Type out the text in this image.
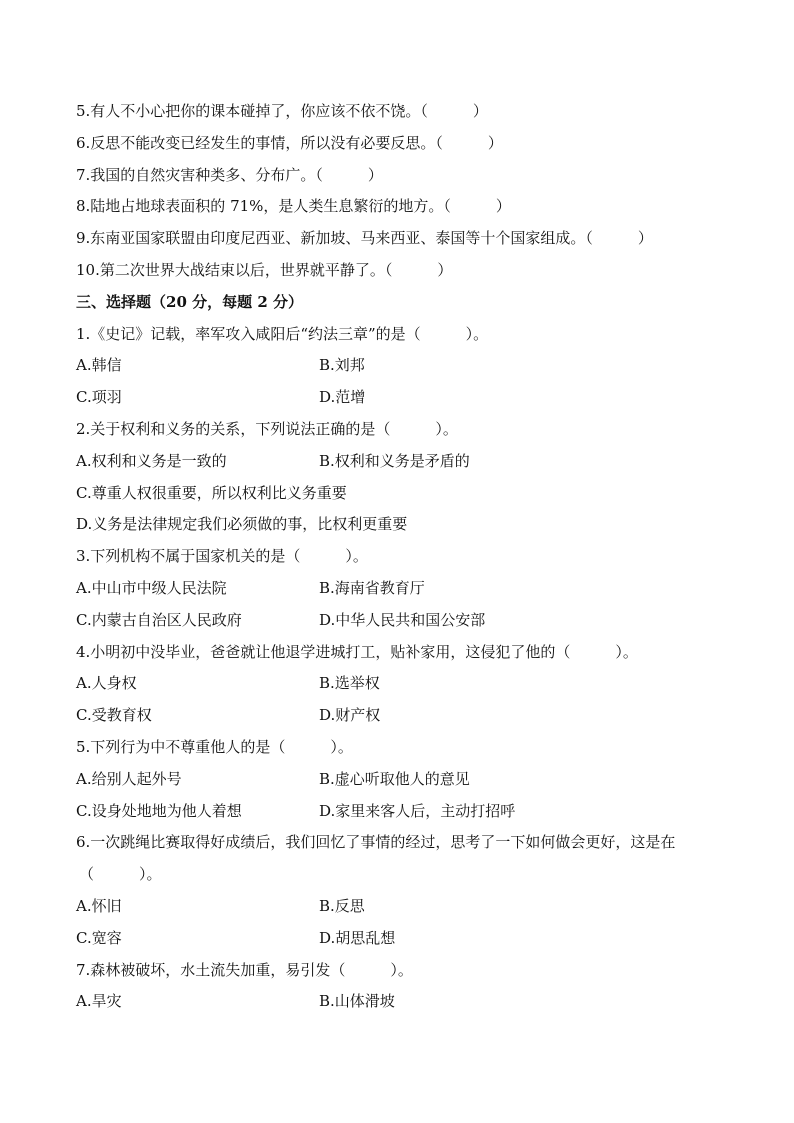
5.有人不小心把你的课本碰掉了，你应该不依不饶。（　　　）
6.反思不能改变已经发生的事情，所以没有必要反思。（　　　）
7.我国的自然灾害种类多、分布广。（　　　）
8.陆地占地球表面积的 71%，是人类生息繁衍的地方。（　　　）
9.东南亚国家联盟由印度尼西亚、新加坡、马来西亚、泰国等十个国家组成。（　　　）
10.第二次世界大战结束以后，世界就平静了。（　　　）
三、选择题（20 分，每题 2 分）
1.《史记》记载，率军攻入咸阳后“约法三章”的是（　　　）。
A.韩信	B.刘邦
C.项羽	D.范增
2.关于权利和义务的关系，下列说法正确的是（　　　）。
A.权利和义务是一致的	B.权利和义务是矛盾的
C.尊重人权很重要，所以权利比义务重要
D.义务是法律规定我们必须做的事，比权利更重要
3.下列机构不属于国家机关的是（　　　）。
A.中山市中级人民法院	B.海南省教育厅
C.内蒙古自治区人民政府	D.中华人民共和国公安部
4.小明初中没毕业，爸爸就让他退学进城打工，贴补家用，这侵犯了他的（　　　）。
A.人身权	B.选举权
C.受教育权	D.财产权
5.下列行为中不尊重他人的是（　　　）。
A.给别人起外号	B.虚心听取他人的意见
C.设身处地地为他人着想	D.家里来客人后，主动打招呼
6.一次跳绳比赛取得好成绩后，我们回忆了事情的经过，思考了一下如何做会更好，这是在
（　　　）。
A.怀旧	B.反思
C.宽容	D.胡思乱想
7.森林被破坏，水土流失加重，易引发（　　　）。
A.旱灾	B.山体滑坡
